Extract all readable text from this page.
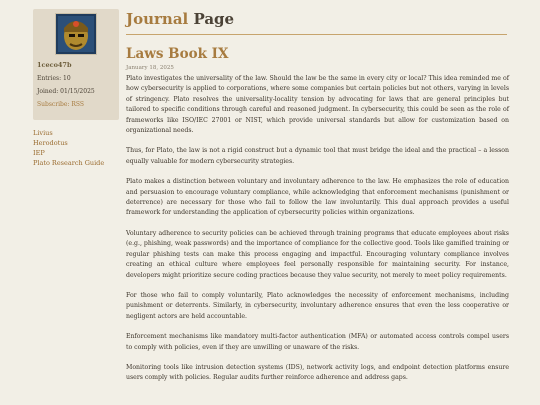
1ceco47b
Entries: 10
Joined: 01/15/2025
Subscribe: RSS
Livius
Herodotus
IEP
Plato Research Guide
Journal Page
Laws Book IX
January 18, 2025

Plato investigates the universality of the law. Should the law be the same in every city or local? This idea reminded me of how cybersecurity is applied to corporations, where some companies but certain policies but not others, varying in levels of stringency. Plato resolves the universality-locality tension by advocating for laws that are general principles but tailored to specific conditions through careful and reasoned judgment. In cybersecurity, this could be seen as the role of frameworks like ISO/IEC 27001 or NIST, which provide universal standards but allow for customization based on organizational needs.

Thus, for Plato, the law is not a rigid construct but a dynamic tool that must bridge the ideal and the practical – a lesson equally valuable for modern cybersecurity strategies.

Plato makes a distinction between voluntary and involuntary adherence to the law. He emphasizes the role of education and persuasion to encourage voluntary compliance, while acknowledging that enforcement mechanisms (punishment or deterrence) are necessary for those who fail to follow the law involuntarily. This dual approach provides a useful framework for understanding the application of cybersecurity policies within organizations.

Voluntary adherence to security policies can be achieved through training programs that educate employees about risks (e.g., phishing, weak passwords) and the importance of compliance for the collective good. Tools like gamified training or regular phishing tests can make this process engaging and impactful. Encouraging voluntary compliance involves creating an ethical culture where employees feel personally responsible for maintaining security. For instance, developers might prioritize secure coding practices because they value security, not merely to meet policy requirements.

For those who fail to comply voluntarily, Plato acknowledges the necessity of enforcement mechanisms, including punishment or deterrents. Similarly, in cybersecurity, involuntary adherence ensures that even the less cooperative or negligent actors are held accountable.

Enforcement mechanisms like mandatory multi-factor authentication (MFA) or automated access controls compel users to comply with policies, even if they are unwilling or unaware of the risks.

Monitoring tools like intrusion detection systems (IDS), network activity logs, and endpoint detection platforms ensure users comply with policies. Regular audits further reinforce adherence and address gaps.
